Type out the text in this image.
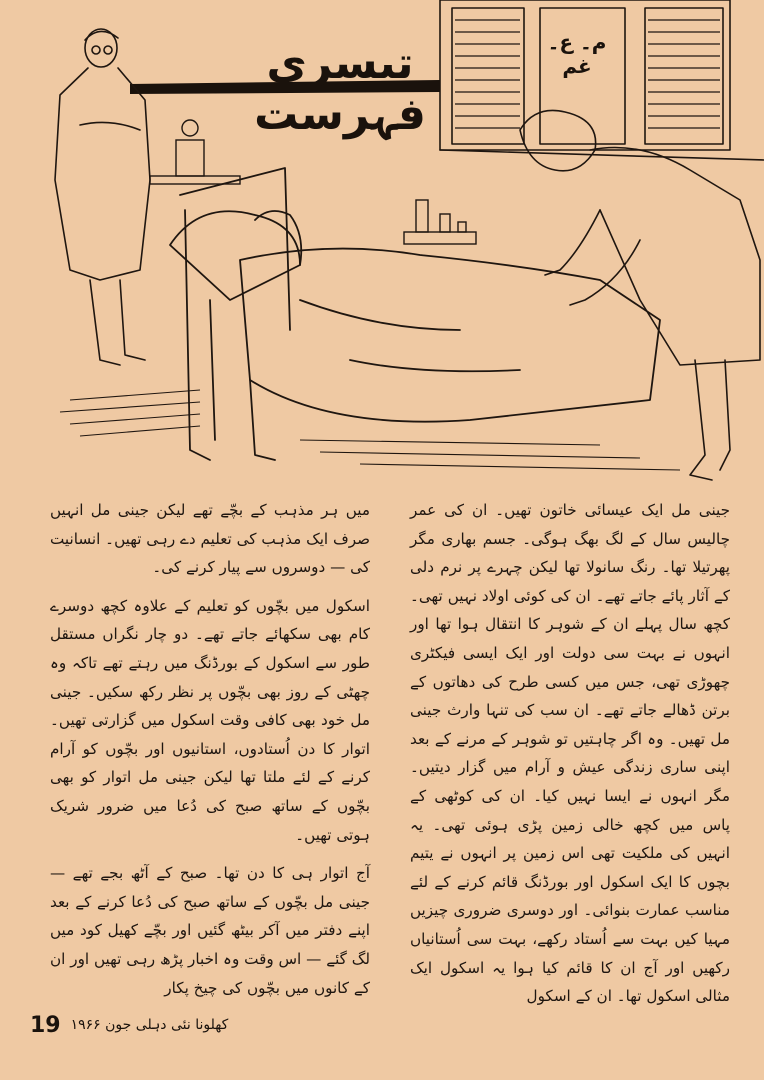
تیسری فہرست
م۔ ع۔ غم

جینی مل ایک عیسائی خاتون تھیں۔ ان کی عمر چالیس سال کے لگ بھگ ہوگی۔ جسم بھاری مگر پھرتیلا تھا۔ رنگ سانولا تھا لیکن چہرے پر نرم دلی کے آثار پائے جاتے تھے۔ ان کی کوئی اولاد نہیں تھی۔ کچھ سال پہلے ان کے شوہر کا انتقال ہوا تھا اور انہوں نے بہت سی دولت اور ایک ایسی فیکٹری چھوڑی تھی، جس میں کسی طرح کی دھاتوں کے برتن ڈھالے جاتے تھے۔ ان سب کی تنہا وارث جینی مل تھیں۔ وہ اگر چاہتیں تو شوہر کے مرنے کے بعد اپنی ساری زندگی عیش و آرام میں گزار دیتیں۔ مگر انہوں نے ایسا نہیں کیا۔ ان کی کوٹھی کے پاس میں کچھ خالی زمین پڑی ہوئی تھی۔ یہ انہیں کی ملکیت تھی اس زمین پر انہوں نے یتیم بچوں کا ایک اسکول اور بورڈنگ قائم کرنے کے لئے مناسب عمارت بنوائی۔ اور دوسری ضروری چیزیں مہیا کیں بہت سے اُستاد رکھے، بہت سی اُستانیاں رکھیں اور آج ان کا قائم کیا ہوا یہ اسکول ایک مثالی اسکول تھا۔ ان کے اسکول

میں ہر مذہب کے بچّے تھے لیکن جینی مل انہیں صرف ایک مذہب کی تعلیم دے رہی تھیں۔ انسانیت کی — دوسروں سے پیار کرنے کی۔

اسکول میں بچّوں کو تعلیم کے علاوہ کچھ دوسرے کام بھی سکھائے جاتے تھے۔ دو چار نگراں مستقل طور سے اسکول کے بورڈنگ میں رہتے تھے تاکہ وہ چھٹی کے روز بھی بچّوں پر نظر رکھ سکیں۔ جینی مل خود بھی کافی وقت اسکول میں گزارتی تھیں۔ اتوار کا دن اُستادوں، استانیوں اور بچّوں کو آرام کرنے کے لئے ملتا تھا لیکن جینی مل اتوار کو بھی بچّوں کے ساتھ صبح کی دُعا میں ضرور شریک ہوتی تھیں۔

آج اتوار ہی کا دن تھا۔ صبح کے آٹھ بجے تھے — جینی مل بچّوں کے ساتھ صبح کی دُعا کرنے کے بعد اپنے دفتر میں آکر بیٹھ گئیں اور بچّے کھیل کود میں لگ گئے — اس وقت وہ اخبار پڑھ رہی تھیں اور ان کے کانوں میں بچّوں کی چیخ پکار

19 کھلونا نئی دہلی جون ۱۹۶۶
